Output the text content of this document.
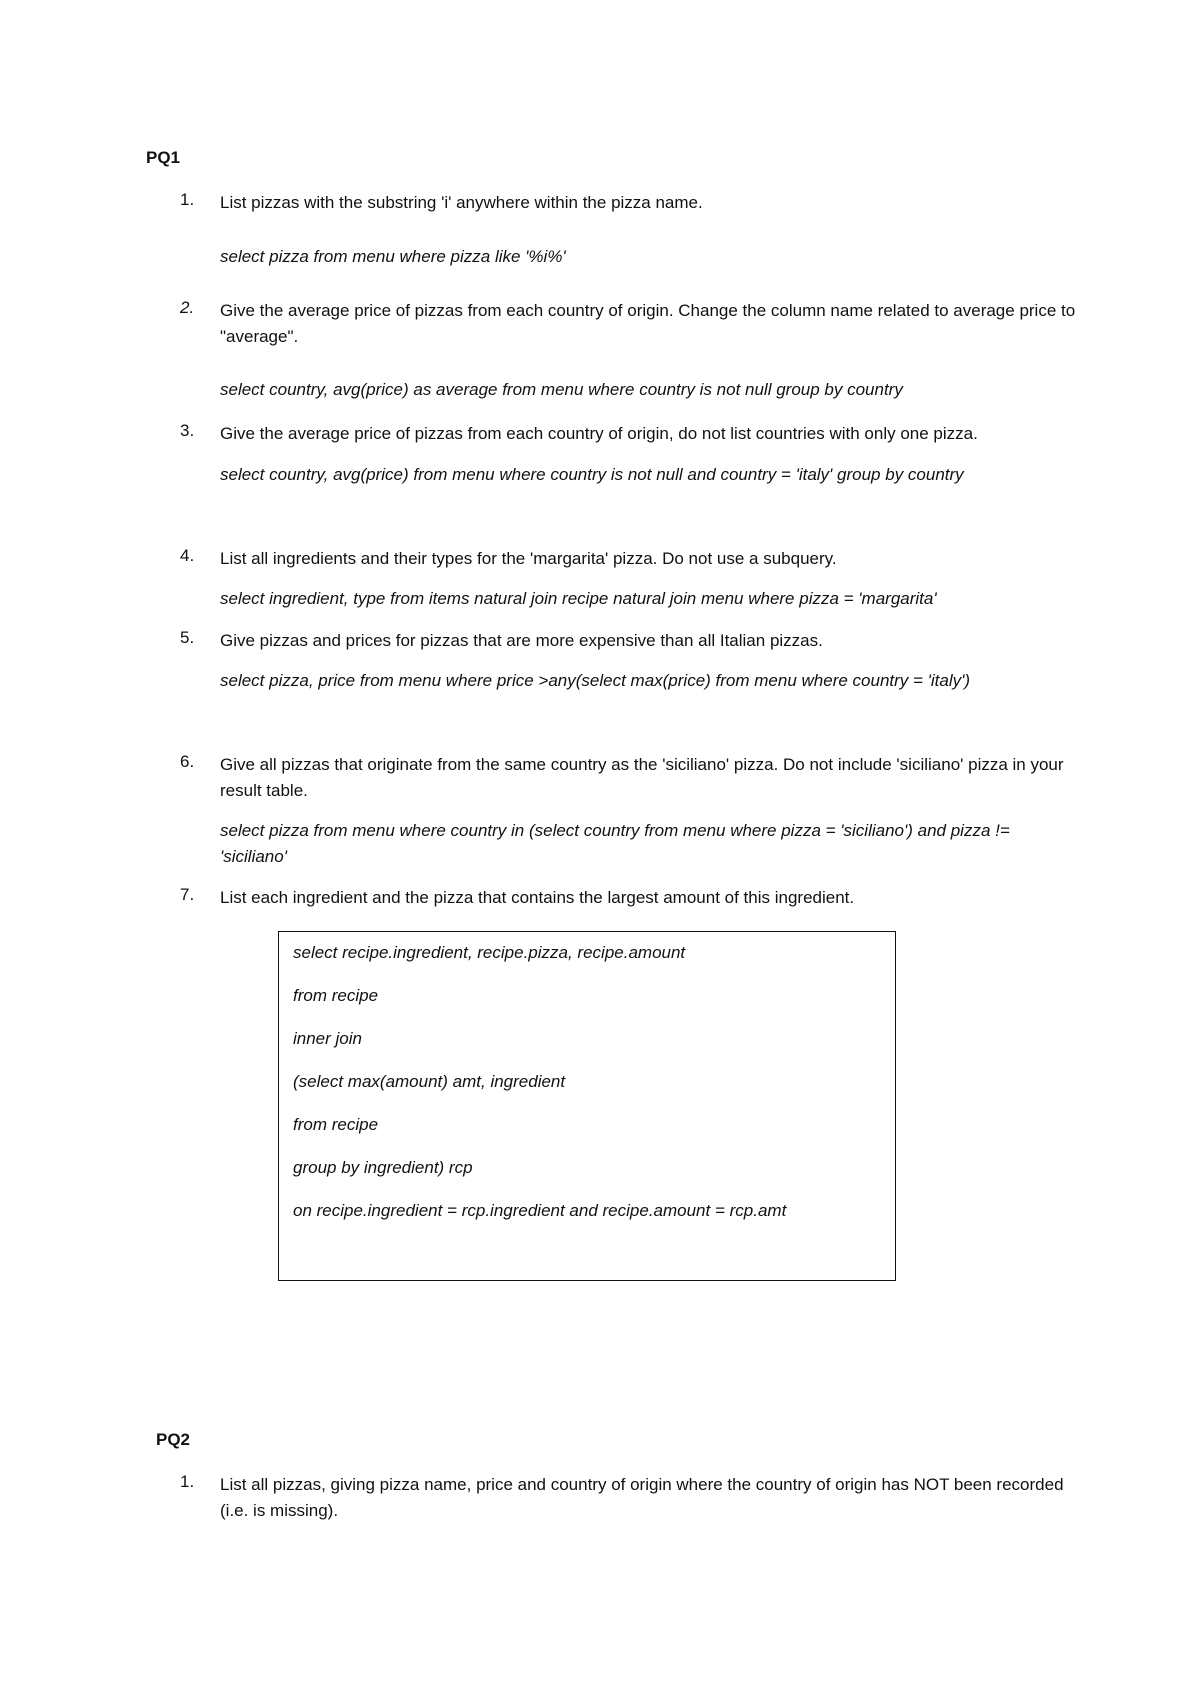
PQ1
1.	List pizzas with the substring 'i' anywhere within the pizza name.
select pizza from menu where pizza like '%i%'
2.	Give the average price of pizzas from each country of origin. Change the column name related to average price to "average".
select country, avg(price) as average from menu where country is not null group by country
3.	Give the average price of pizzas from each country of origin, do not list countries with only one pizza.
select country, avg(price) from menu where country is not null and country = 'italy' group by country
4.	List all ingredients and their types for the 'margarita' pizza. Do not use a subquery.
select ingredient, type from items natural join recipe natural join menu where pizza = 'margarita'
5.	Give pizzas and prices for pizzas that are more expensive than all Italian pizzas.
select pizza, price from menu where price >any(select max(price) from menu where country = 'italy')
6.	Give all pizzas that originate from the same country as the 'siciliano' pizza. Do not include 'siciliano' pizza in your result table.
select pizza from menu where country in (select country from menu where pizza = 'siciliano') and pizza != 'siciliano'
7.	List each ingredient and the pizza that contains the largest amount of this ingredient.
select recipe.ingredient, recipe.pizza, recipe.amount
from recipe
inner join
(select max(amount) amt, ingredient
from recipe
group by ingredient) rcp
on recipe.ingredient = rcp.ingredient and recipe.amount = rcp.amt
PQ2
1.	List all pizzas, giving pizza name, price and country of origin where the country of origin has NOT been recorded (i.e. is missing).
